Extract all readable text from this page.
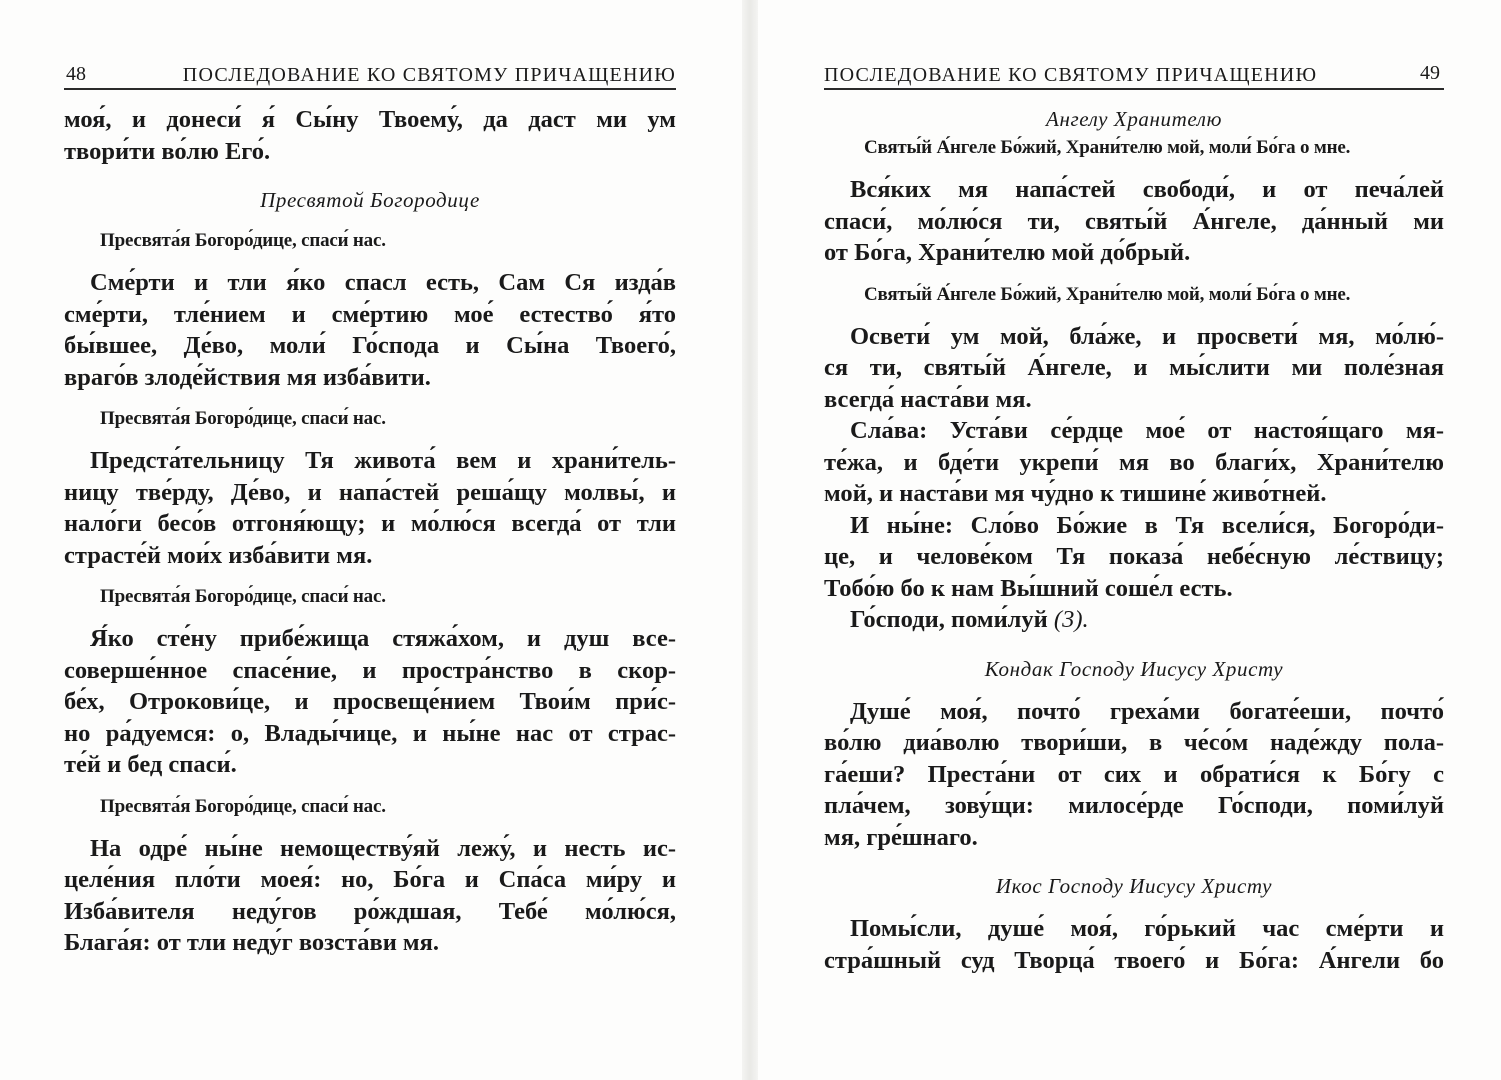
48	ПОСЛЕДОВАНИЕ КО СВЯТОМУ ПРИЧАЩЕНИЮ
моя́, и донеси́ я́ Сы́ну Твоему́, да даст ми ум
твори́ти во́лю Его́.
Пресвятой Богородице
Пресвята́я Богоро́дице, спаси́ нас.
Сме́рти и тли я́ко спасл есть, Сам Ся изда́в
сме́рти, тле́нием и сме́ртию мое́ естество́ я́то
бы́вшее, Де́во, моли́ Го́спода и Сы́на Твоего́,
враго́в злоде́йствия мя изба́вити.
Пресвята́я Богоро́дице, спаси́ нас.
Предста́тельницу Тя живота́ вем и храни́тель-
ницу тве́рду, Де́во, и напа́стей реша́щу молвы́, и
нало́ги бесо́в отгоня́ющу; и мо́лю́ся всегда́ от тли
страсте́й мои́х изба́вити мя.
Пресвята́я Богоро́дице, спаси́ нас.
Я́ко сте́ну прибе́жища стяжа́хом, и душ все-
соверше́нное спасе́ние, и простра́нство в скор-
бе́х, Отрокови́це, и просвеще́нием Твои́м при́с-
но ра́дуемся: о, Влады́чице, и ны́не нас от страс-
те́й и бед спаси́.
Пресвята́я Богоро́дице, спаси́ нас.
На одре́ ны́не немоществу́яй лежу́, и несть ис-
целе́ния пло́ти моея́: но, Бо́га и Спа́са ми́ру и
Изба́вителя неду́гов ро́ждшая, Тебе́ мо́лю́ся,
Блага́я: от тли неду́г возста́ви мя.
ПОСЛЕДОВАНИЕ КО СВЯТОМУ ПРИЧАЩЕНИЮ	49
Ангелу Хранителю
Святы́й А́нгеле Бо́жий, Храни́телю мой, моли́ Бо́га о мне.
Вся́ких мя напа́стей свободи́, и от печа́лей
спаси́, мо́лю́ся ти, святы́й А́нгеле, да́нный ми
от Бо́га, Храни́телю мой до́брый.
Святы́й А́нгеле Бо́жий, Храни́телю мой, моли́ Бо́га о мне.
Освети́ ум мой, бла́же, и просвети́ мя, мо́лю́-
ся ти, святы́й А́нгеле, и мы́слити ми поле́зная
всегда́ наста́ви мя.
Сла́ва: Уста́ви се́рдце мое́ от настоя́щаго мя-
те́жа, и бде́ти укрепи́ мя во благи́х, Храни́телю
мой, и наста́ви мя чу́дно к тишине́ живо́тней.
И ны́не: Сло́во Бо́жие в Тя всели́ся, Богоро́ди-
це, и челове́ком Тя показа́ небе́сную ле́ствицу;
Тобо́ю бо к нам Вы́шний соше́л есть.
Го́споди, поми́луй (3).
Кондак Господу Иисусу Христу
Душе́ моя́, почто́ греха́ми богате́еши, почто́
во́лю диа́волю твори́ши, в че́со́м наде́жду пола-
га́еши? Преста́ни от сих и обрати́ся к Бо́гу с
пла́чем, зову́щи: милосе́рде Го́споди, поми́луй
мя, гре́шнаго.
Икос Господу Иисусу Христу
Помы́сли, душе́ моя́, го́рький час сме́рти и
стра́шный суд Творца́ твоего́ и Бо́га: А́нгели бо
